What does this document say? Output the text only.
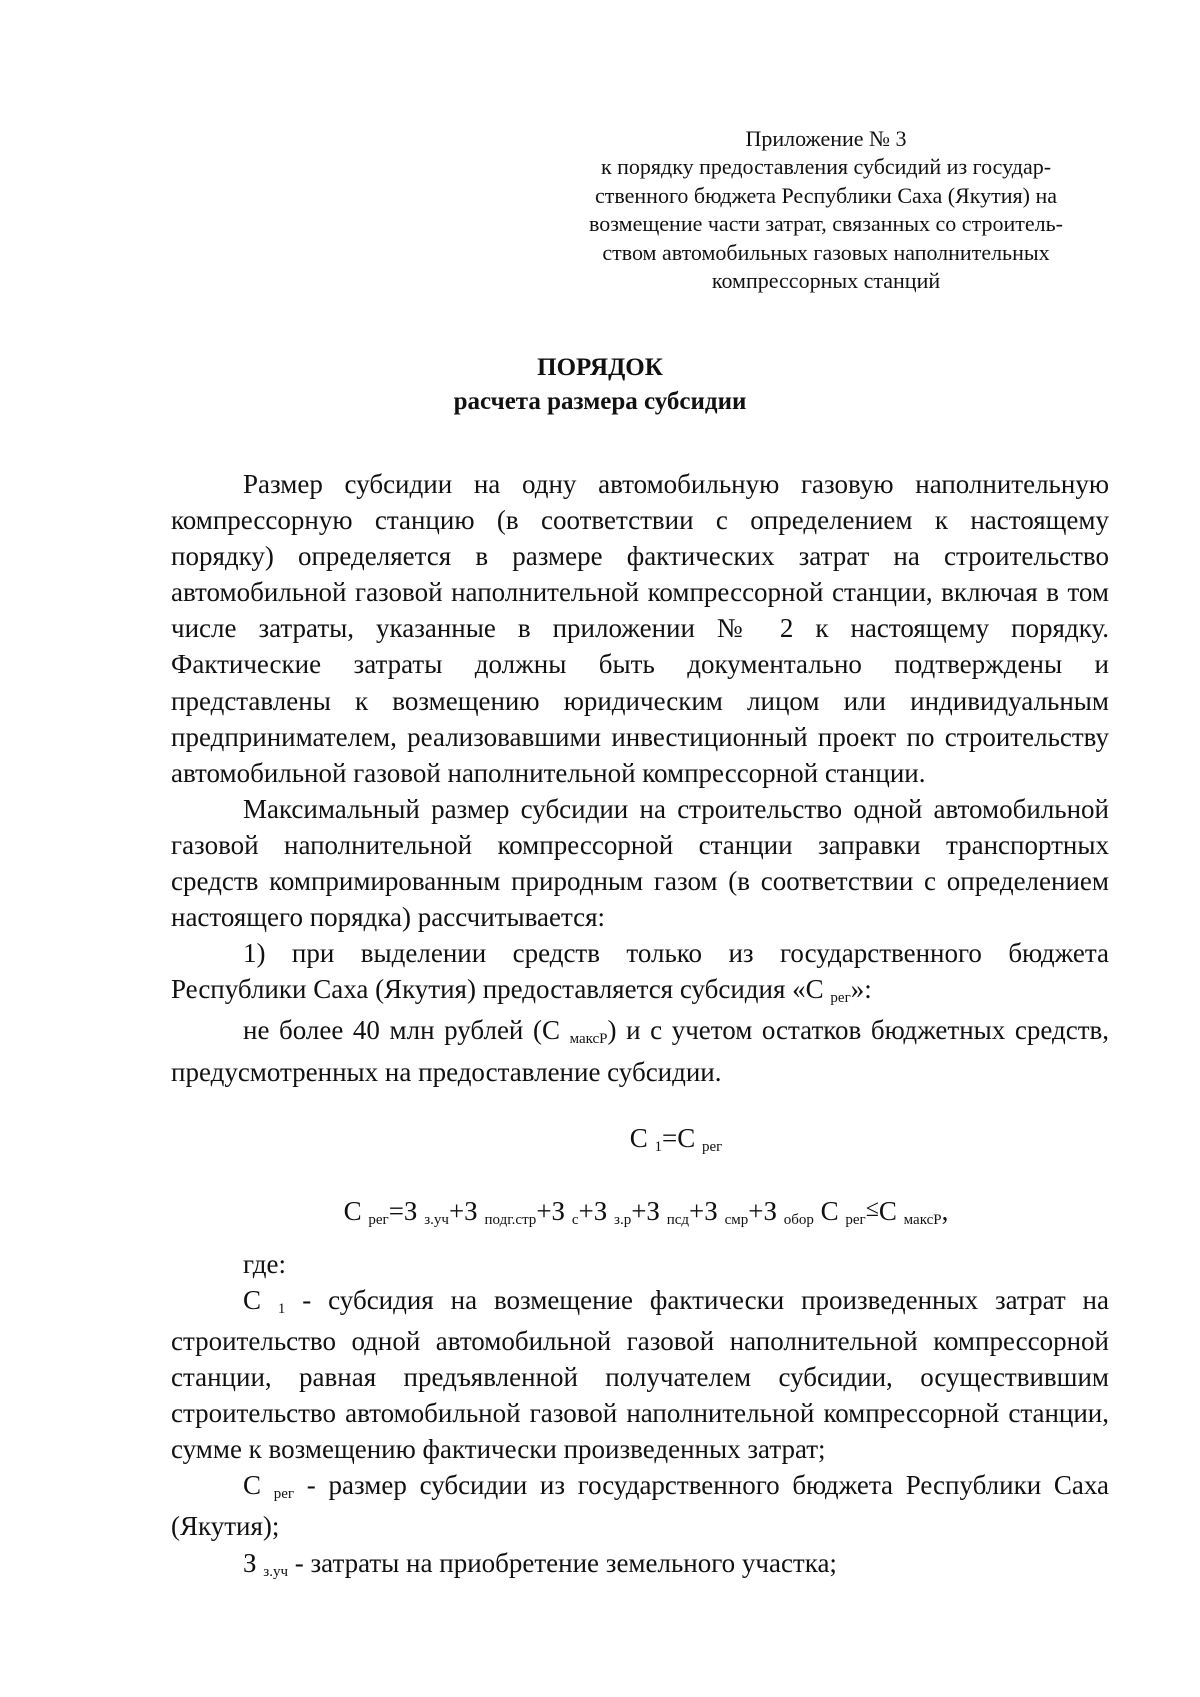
Приложение № 3
к порядку предоставления субсидий из государ-
ственного бюджета Республики Саха (Якутия) на
возмещение части затрат, связанных со строитель-
ством автомобильных газовых наполнительных
компрессорных станций
ПОРЯДОК
расчета размера субсидии

Размер субсидии на одну автомобильную газовую наполнительную компрессорную станцию (в соответствии с определением к настоящему порядку) определяется в размере фактических затрат на строительство автомобильной газовой наполнительной компрессорной станции, включая в том числе затраты, указанные в приложении № 2 к настоящему порядку. Фактические затраты должны быть документально подтверждены и представлены к возмещению юридическим лицом или индивидуальным предпринимателем, реализовавшими инвестиционный проект по строительству автомобильной газовой наполнительной компрессорной станции.

Максимальный размер субсидии на строительство одной автомобильной газовой наполнительной компрессорной станции заправки транспортных средств компримированным природным газом (в соответствии с определением настоящего порядка) рассчитывается:

1) при выделении средств только из государственного бюджета Республики Саха (Якутия) предоставляется субсидия «С рег»:

не более 40 млн рублей (С максР) и с учетом остатков бюджетных средств, предусмотренных на предоставление субсидии.

С 1=С рег

С рег=З з.уч+З подг.стр+З с+З з.р+З псд+З смр+З обор С рег≤С максР,

где:

С 1 - субсидия на возмещение фактически произведенных затрат на строительство одной автомобильной газовой наполнительной компрессорной станции, равная предъявленной получателем субсидии, осуществившим строительство автомобильной газовой наполнительной компрессорной станции, сумме к возмещению фактически произведенных затрат;

С рег - размер субсидии из государственного бюджета Республики Саха (Якутия);

З з.уч - затраты на приобретение земельного участка;
